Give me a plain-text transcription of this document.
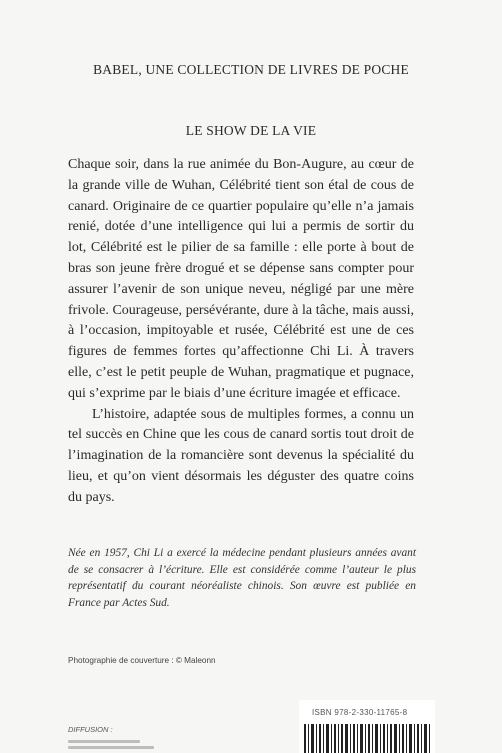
BABEL, UNE COLLECTION DE LIVRES DE POCHE
LE SHOW DE LA VIE

Chaque soir, dans la rue animée du Bon-Augure, au cœur de la grande ville de Wuhan, Célébrité tient son étal de cous de canard. Originaire de ce quartier populaire qu’elle n’a jamais renié, dotée d’une intelligence qui lui a permis de sortir du lot, Célébrité est le pilier de sa famille : elle porte à bout de bras son jeune frère drogué et se dépense sans compter pour assurer l’avenir de son unique neveu, négligé par une mère frivole. Courageuse, persévérante, dure à la tâche, mais aussi, à l’occasion, impitoyable et rusée, Célébrité est une de ces figures de femmes fortes qu’affectionne Chi Li. À travers elle, c’est le petit peuple de Wuhan, pragmatique et pugnace, qui s’exprime par le biais d’une écriture imagée et efficace.

L’histoire, adaptée sous de multiples formes, a connu un tel succès en Chine que les cous de canard sortis tout droit de l’imagination de la romancière sont devenus la spécialité du lieu, et qu’on vient désormais les déguster des quatre coins du pays.

Née en 1957, Chi Li a exercé la médecine pendant plusieurs années avant de se consacrer à l’écriture. Elle est considérée comme l’auteur le plus représentatif du courant néoréaliste chinois. Son œuvre est publiée en France par Actes Sud.
Photographie de couverture : © Maleonn
DIFFUSION :
ISBN 978-2-330-11765-8
